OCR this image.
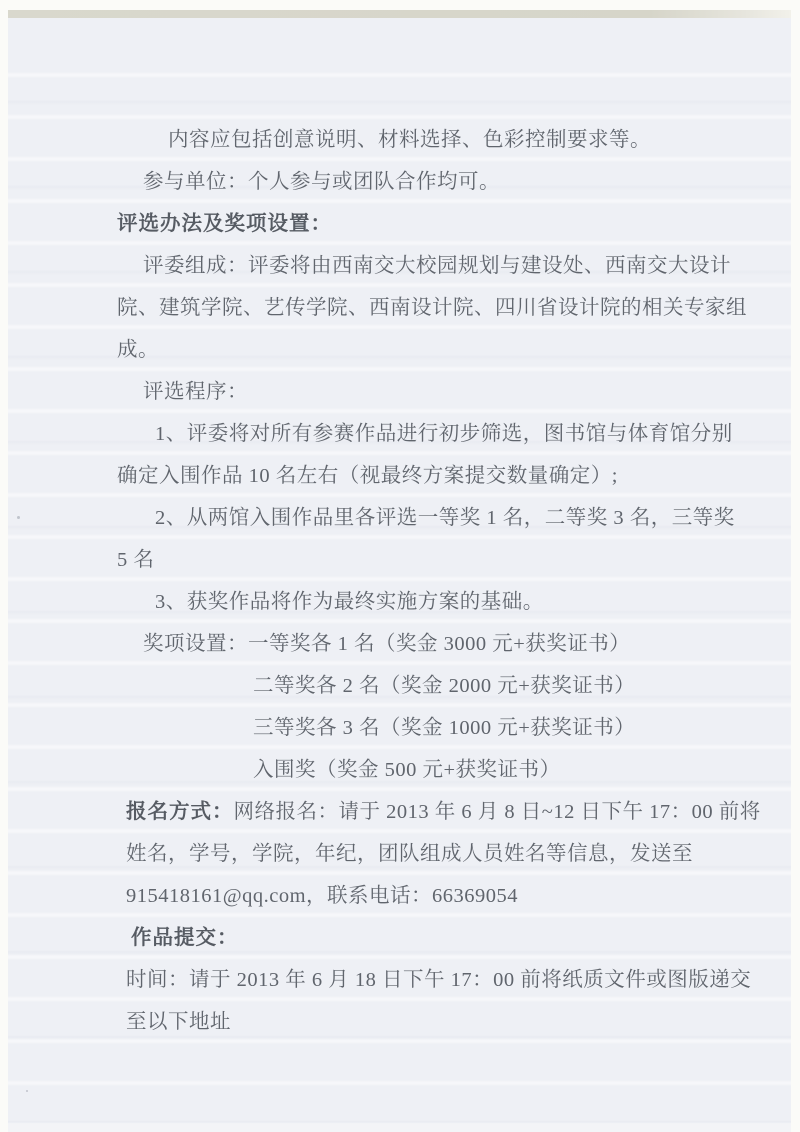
内容应包括创意说明、材料选择、色彩控制要求等。
参与单位：个人参与或团队合作均可。
评选办法及奖项设置：
评委组成：评委将由西南交大校园规划与建设处、西南交大设计
院、建筑学院、艺传学院、西南设计院、四川省设计院的相关专家组
成。
评选程序：
1、评委将对所有参赛作品进行初步筛选，图书馆与体育馆分别
确定入围作品 10 名左右（视最终方案提交数量确定）;
2、从两馆入围作品里各评选一等奖 1 名，二等奖 3 名，三等奖
5 名
3、获奖作品将作为最终实施方案的基础。
奖项设置：一等奖各 1 名（奖金 3000 元+获奖证书）
二等奖各 2 名（奖金 2000 元+获奖证书）
三等奖各 3 名（奖金 1000 元+获奖证书）
入围奖（奖金 500 元+获奖证书）
报名方式：网络报名：请于 2013 年 6 月 8 日~12 日下午 17：00 前将
姓名，学号，学院，年纪，团队组成人员姓名等信息，发送至
915418161@qq.com，联系电话：66369054
作品提交：
时间：请于 2013 年 6 月 18 日下午 17：00 前将纸质文件或图版递交
至以下地址
